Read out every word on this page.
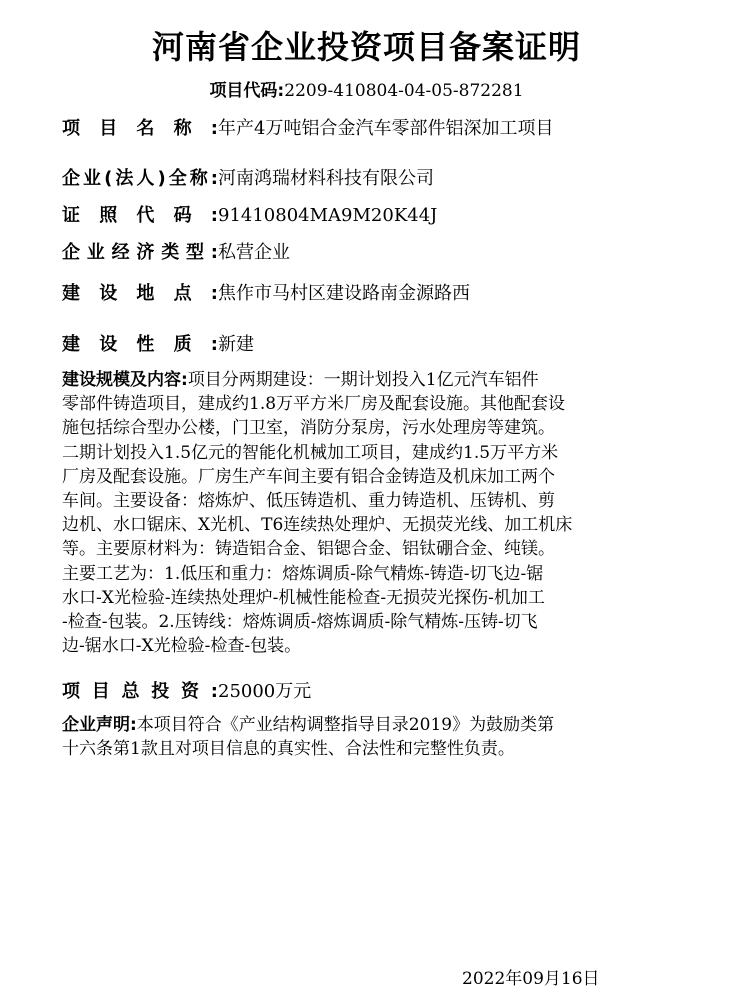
河南省企业投资项目备案证明
项目代码:2209-410804-04-05-872281
项目名称:年产4万吨铝合金汽车零部件铝深加工项目
企业(法人)全称:河南鸿瑞材料科技有限公司
证照代码:91410804MA9M20K44J
企业经济类型:私营企业
建设地点:焦作市马村区建设路南金源路西
建设性质:新建
建设规模及内容:项目分两期建设：一期计划投入1亿元汽车铝件
零部件铸造项目，建成约1.8万平方米厂房及配套设施。其他配套设
施包括综合型办公楼，门卫室，消防分泵房，污水处理房等建筑。
二期计划投入1.5亿元的智能化机械加工项目，建成约1.5万平方米
厂房及配套设施。厂房生产车间主要有铝合金铸造及机床加工两个
车间。主要设备：熔炼炉、低压铸造机、重力铸造机、压铸机、剪
边机、水口锯床、X光机、T6连续热处理炉、无损荧光线、加工机床
等。主要原材料为：铸造铝合金、铝锶合金、铝钛硼合金、纯镁。
主要工艺为：1.低压和重力：熔炼调质-除气精炼-铸造-切飞边-锯
水口-X光检验-连续热处理炉-机械性能检查-无损荧光探伤-机加工
-检查-包装。2.压铸线：熔炼调质-熔炼调质-除气精炼-压铸-切飞
边-锯水口-X光检验-检查-包装。
项目总投资:25000万元
企业声明:本项目符合《产业结构调整指导目录2019》为鼓励类第
十六条第1款且对项目信息的真实性、合法性和完整性负责。
2022年09月16日
